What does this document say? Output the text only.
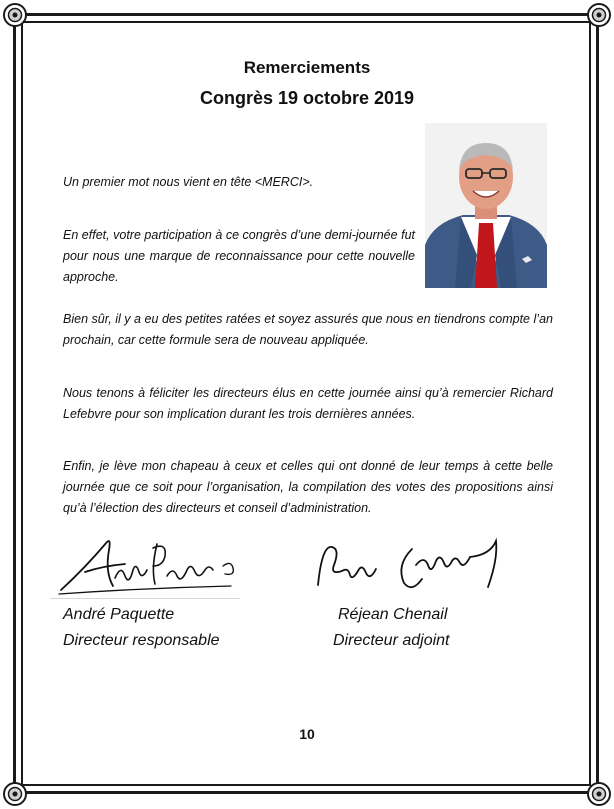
Remerciements
Congrès 19 octobre 2019

Un premier mot nous vient en tête <MERCI>.

En effet, votre participation à ce congrès d’une demi-journée fut pour nous une marque de reconnaissance pour cette nouvelle approche.

Bien sûr, il y a eu des petites ratées et soyez assurés que nous en tiendrons compte l’an prochain, car cette formule sera de nouveau appliquée.

Nous tenons à féliciter les directeurs élus en cette journée ainsi qu’à remercier Richard Lefebvre pour son implication durant les trois dernières années.

Enfin, je lève mon chapeau à ceux et celles qui ont donné de leur temps à cette belle journée que ce soit pour l’organisation, la compilation des votes des propositions ainsi qu’à l’élection des directeurs et conseil d’administration.

André Paquette

Directeur responsable

Réjean Chenail

Directeur adjoint

10
